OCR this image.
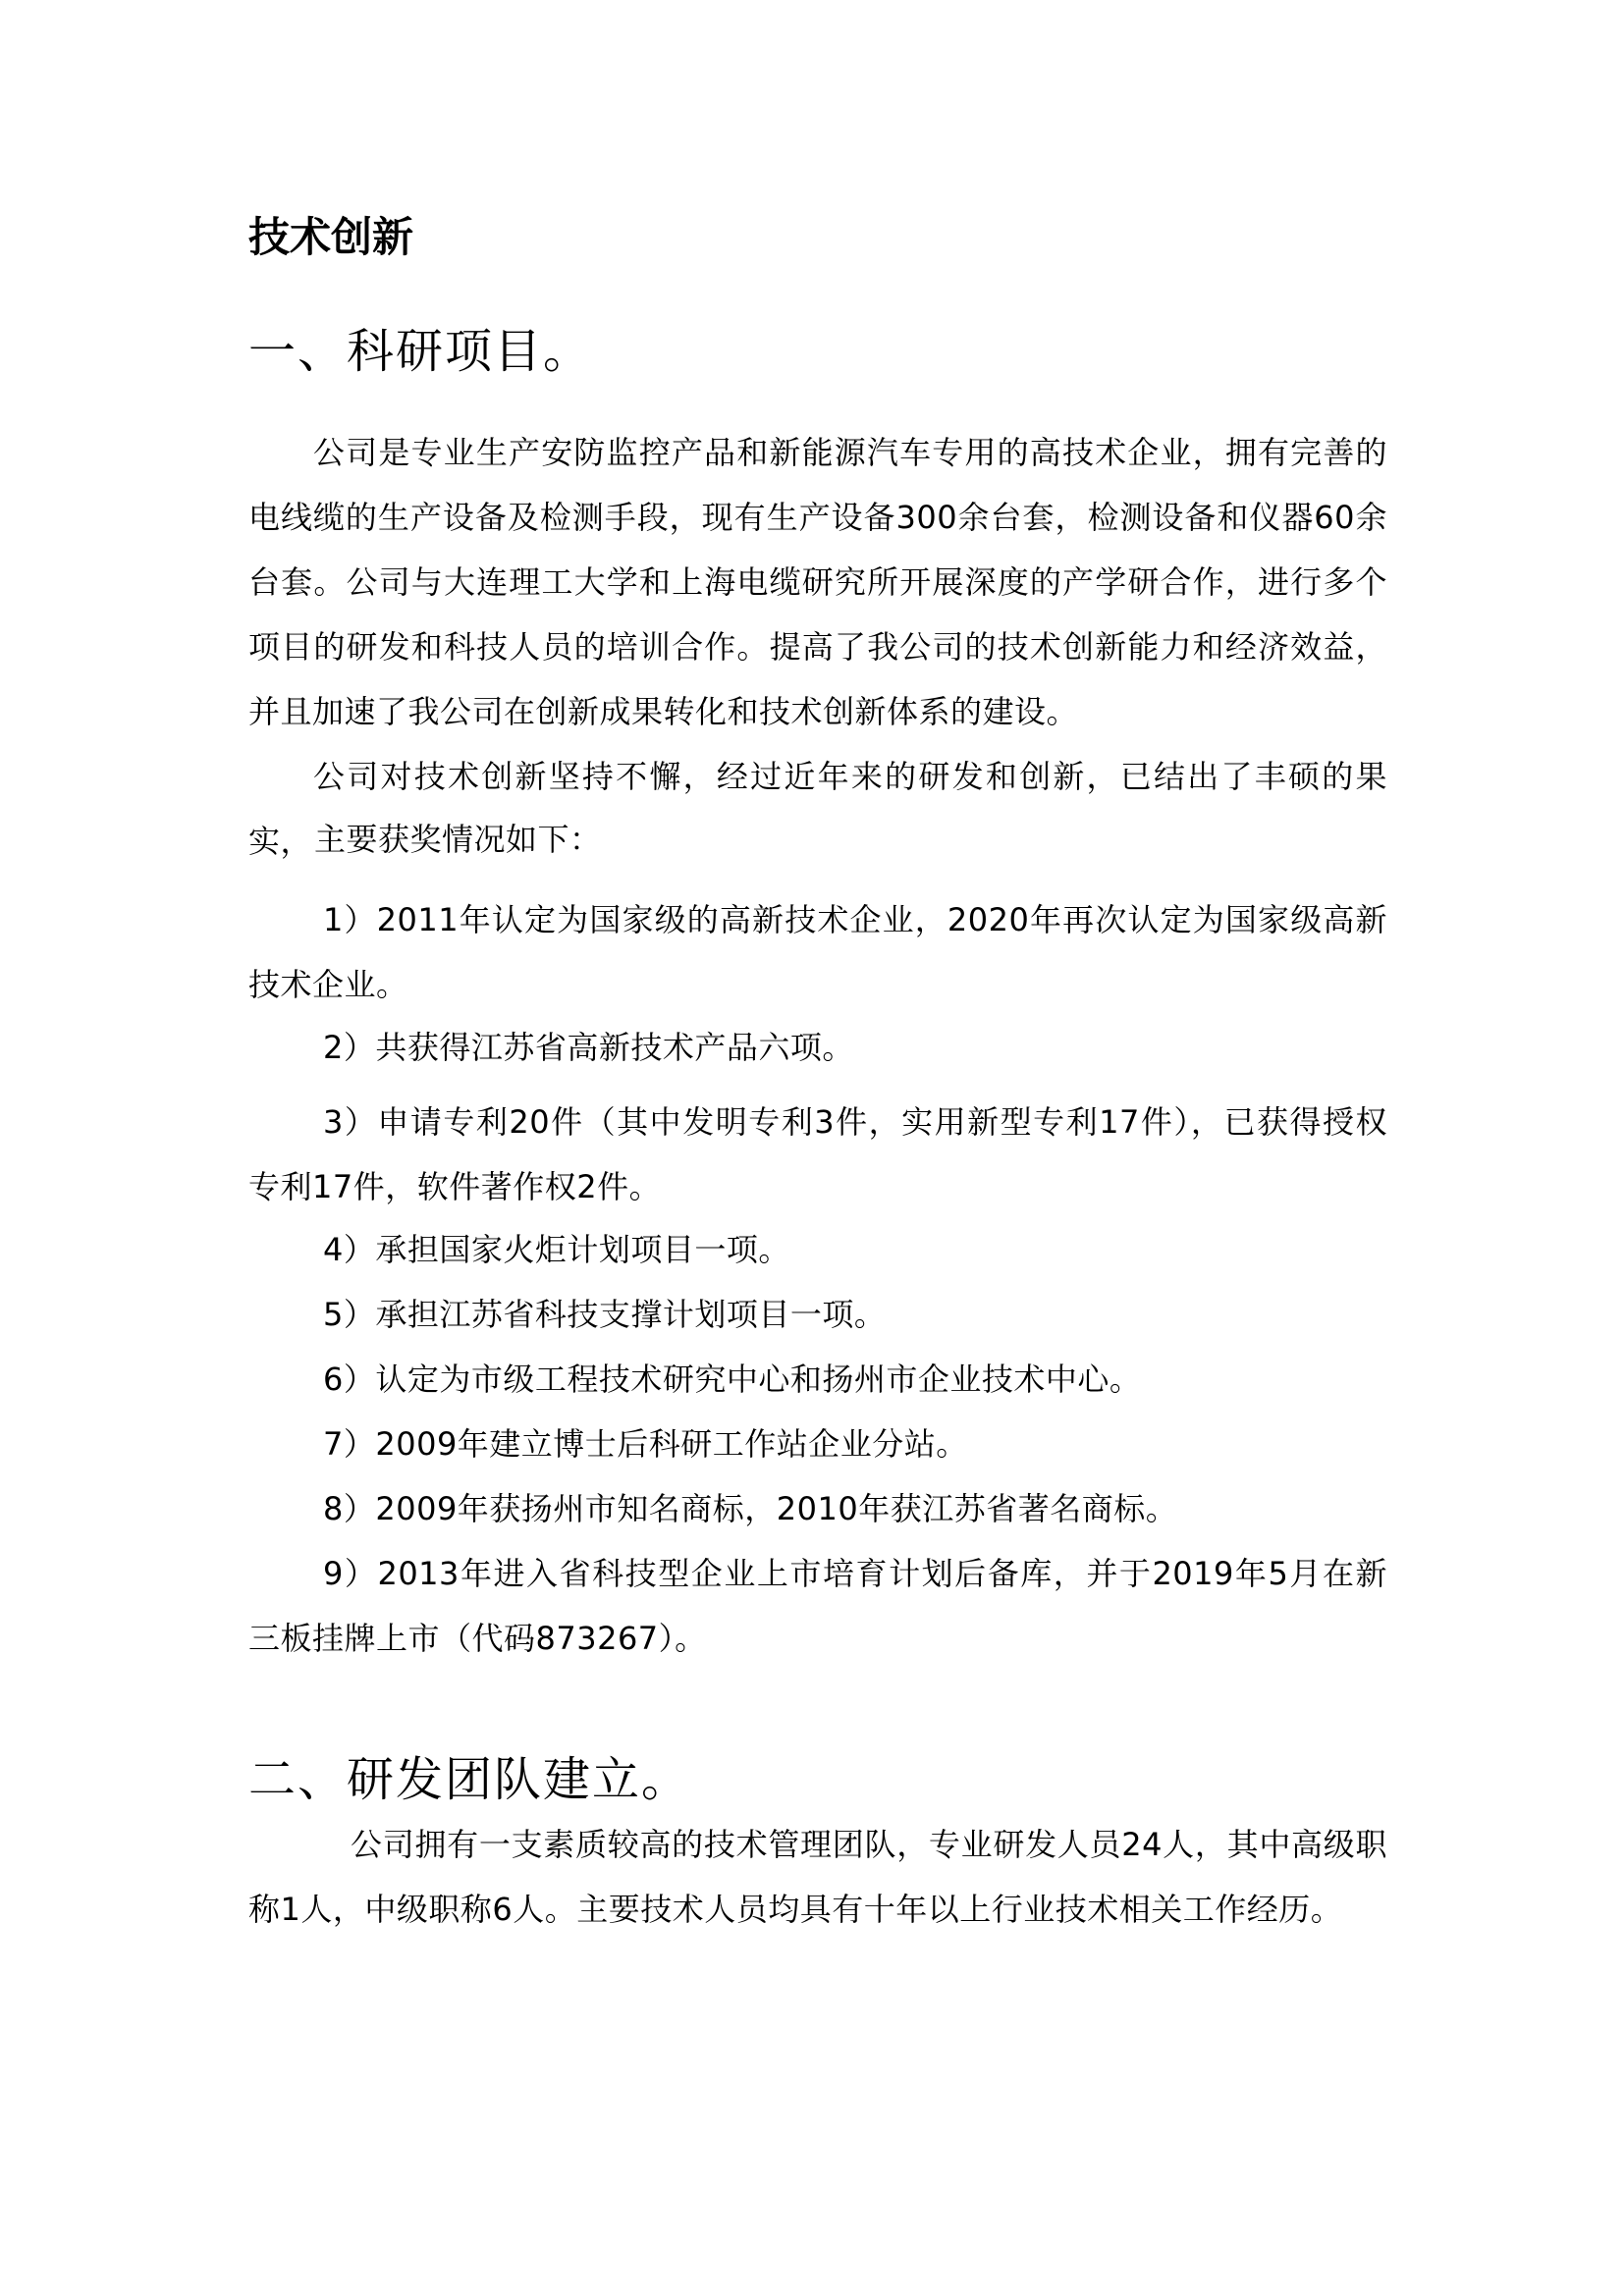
技术创新
一、科研项目。

公司是专业生产安防监控产品和新能源汽车专用的高技术企业，拥有完善的电线缆的生产设备及检测手段，现有生产设备300余台套，检测设备和仪器60余台套。公司与大连理工大学和上海电缆研究所开展深度的产学研合作，进行多个项目的研发和科技人员的培训合作。提高了我公司的技术创新能力和经济效益，并且加速了我公司在创新成果转化和技术创新体系的建设。

公司对技术创新坚持不懈，经过近年来的研发和创新，已结出了丰硕的果实， 主要获奖情况如下：

1）2011年认定为国家级的高新技术企业，2020年再次认定为国家级高新技术企业。

2）共获得江苏省高新技术产品六项。

3）申请专利20件（其中发明专利3件，实用新型专利17件），已获得授权专利17件，软件著作权2件。

4）承担国家火炬计划项目一项。

5）承担江苏省科技支撑计划项目一项。

6）认定为市级工程技术研究中心和扬州市企业技术中心。

7）2009年建立博士后科研工作站企业分站。

8）2009年获扬州市知名商标，2010年获江苏省著名商标。

9）2013年进入省科技型企业上市培育计划后备库，并于2019年5月在新三板挂牌上市（代码873267）。

二、研发团队建立。

公司拥有一支素质较高的技术管理团队，专业研发人员24人，其中高级职称1人，中级职称6人。主要技术人员均具有十年以上行业技术相关工作经历。
